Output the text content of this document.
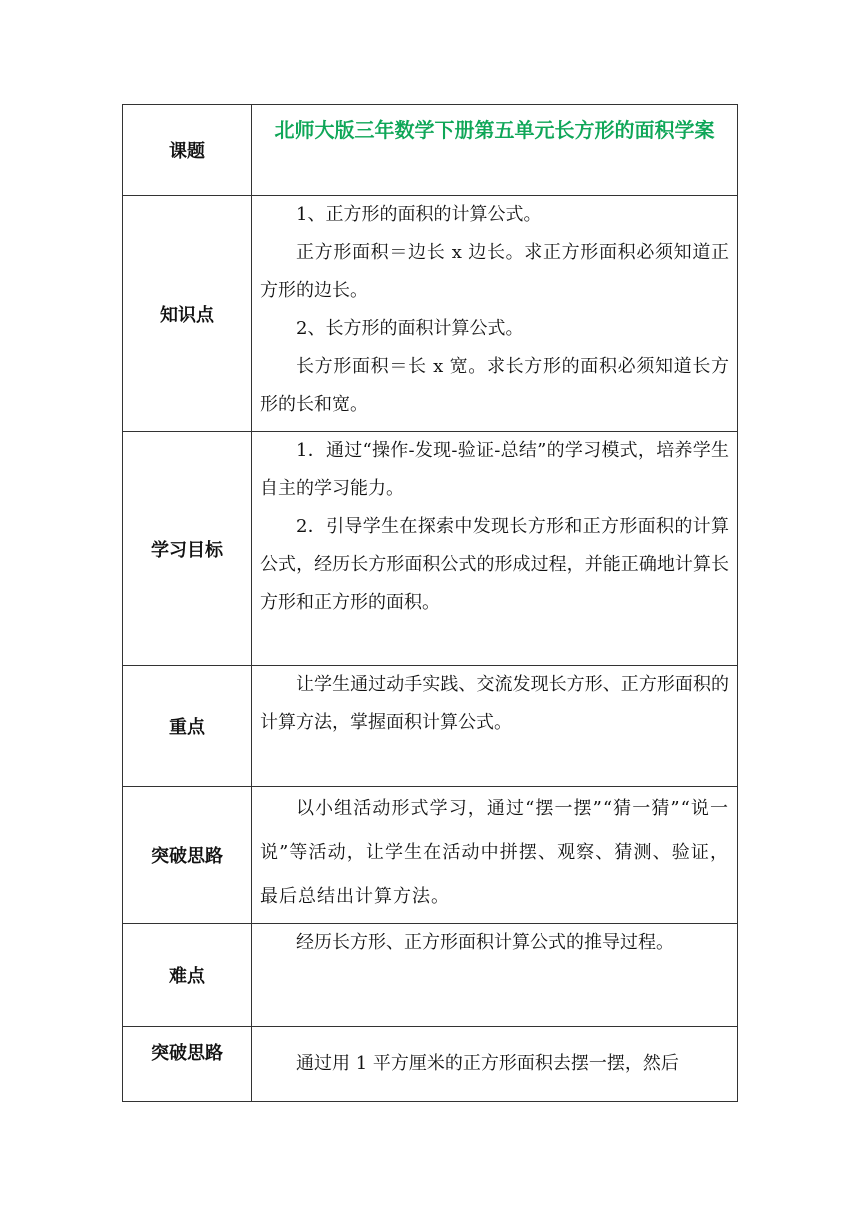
课题	北师大版三年数学下册第五单元长方形的面积学案

知识点	1、正方形的面积的计算公式。

正方形面积＝边长 x 边长。求正方形面积必须知道正方形的边长。

2、长方形的面积计算公式。

长方形面积＝长 x 宽。求长方形的面积必须知道长方形的长和宽。

学习目标	1．通过“操作-发现-验证-总结”的学习模式，培养学生自主的学习能力。

2．引导学生在探索中发现长方形和正方形面积的计算公式，经历长方形面积公式的形成过程，并能正确地计算长方形和正方形的面积。

重点	让学生通过动手实践、交流发现长方形、正方形面积的计算方法，掌握面积计算公式。

突破思路	以小组活动形式学习，通过“摆一摆”“猜一猜”“说一说”等活动，让学生在活动中拼摆、观察、猜测、验证，最后总结出计算方法。

难点	经历长方形、正方形面积计算公式的推导过程。

突破思路	通过用 1 平方厘米的正方形面积去摆一摆，然后
